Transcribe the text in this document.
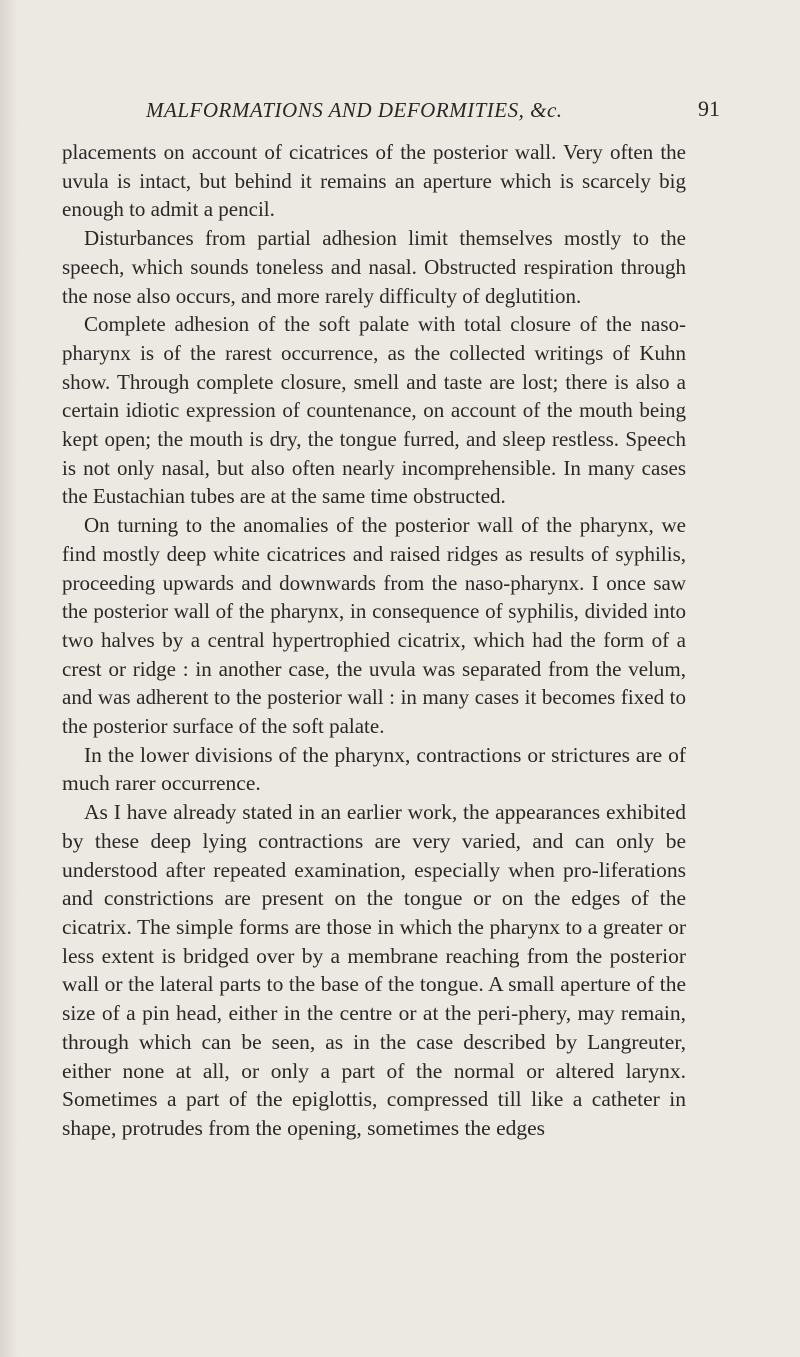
MALFORMATIONS AND DEFORMITIES, &c.	91

placements on account of cicatrices of the posterior wall. Very often the uvula is intact, but behind it remains an aperture which is scarcely big enough to admit a pencil.

Disturbances from partial adhesion limit themselves mostly to the speech, which sounds toneless and nasal. Obstructed respiration through the nose also occurs, and more rarely difficulty of deglutition.

Complete adhesion of the soft palate with total closure of the naso-pharynx is of the rarest occurrence, as the collected writings of Kuhn show. Through complete closure, smell and taste are lost; there is also a certain idiotic expression of countenance, on account of the mouth being kept open; the mouth is dry, the tongue furred, and sleep restless. Speech is not only nasal, but also often nearly incomprehensible. In many cases the Eustachian tubes are at the same time obstructed.

On turning to the anomalies of the posterior wall of the pharynx, we find mostly deep white cicatrices and raised ridges as results of syphilis, proceeding upwards and downwards from the naso-pharynx. I once saw the posterior wall of the pharynx, in consequence of syphilis, divided into two halves by a central hypertrophied cicatrix, which had the form of a crest or ridge : in another case, the uvula was separated from the velum, and was adherent to the posterior wall : in many cases it becomes fixed to the posterior surface of the soft palate.

In the lower divisions of the pharynx, contractions or strictures are of much rarer occurrence.

As I have already stated in an earlier work, the appearances exhibited by these deep lying contractions are very varied, and can only be understood after repeated examination, especially when pro-liferations and constrictions are present on the tongue or on the edges of the cicatrix. The simple forms are those in which the pharynx to a greater or less extent is bridged over by a membrane reaching from the posterior wall or the lateral parts to the base of the tongue. A small aperture of the size of a pin head, either in the centre or at the peri-phery, may remain, through which can be seen, as in the case described by Langreuter, either none at all, or only a part of the normal or altered larynx. Sometimes a part of the epiglottis, compressed till like a catheter in shape, protrudes from the opening, sometimes the edges
